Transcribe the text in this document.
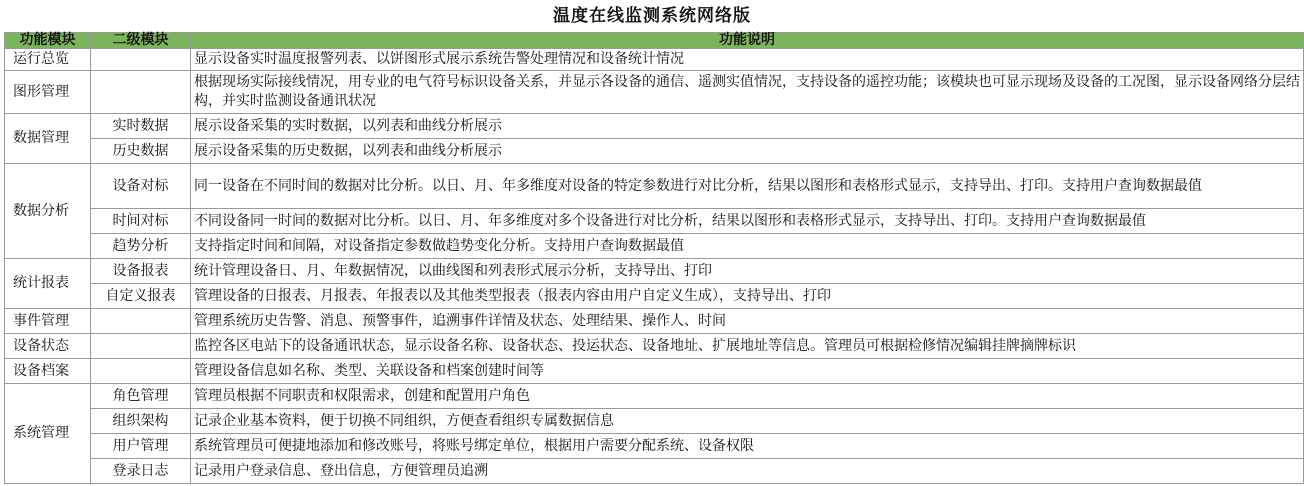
温度在线监测系统网络版
功能模块	二级模块	功能说明
运行总览		显示设备实时温度报警列表、以饼图形式展示系统告警处理情况和设备统计情况
图形管理		根据现场实际接线情况，用专业的电气符号标识设备关系，并显示各设备的通信、遥测实值情况，支持设备的遥控功能；该模块也可显示现场及设备的工况图，显示设备网络分层结构，并实时监测设备通讯状况
数据管理	实时数据	展示设备采集的实时数据，以列表和曲线分析展示
	历史数据	展示设备采集的历史数据，以列表和曲线分析展示
数据分析	设备对标	同一设备在不同时间的数据对比分析。以日、月、年多维度对设备的特定参数进行对比分析，结果以图形和表格形式显示，支持导出、打印。支持用户查询数据最值
	时间对标	不同设备同一时间的数据对比分析。以日、月、年多维度对多个设备进行对比分析，结果以图形和表格形式显示，支持导出、打印。支持用户查询数据最值
	趋势分析	支持指定时间和间隔，对设备指定参数做趋势变化分析。支持用户查询数据最值
统计报表	设备报表	统计管理设备日、月、年数据情况，以曲线图和列表形式展示分析，支持导出、打印
	自定义报表	管理设备的日报表、月报表、年报表以及其他类型报表（报表内容由用户自定义生成），支持导出、打印
事件管理		管理系统历史告警、消息、预警事件，追溯事件详情及状态、处理结果、操作人、时间
设备状态		监控各区电站下的设备通讯状态，显示设备名称、设备状态、投运状态、设备地址、扩展地址等信息。管理员可根据检修情况编辑挂牌摘牌标识
设备档案		管理设备信息如名称、类型、关联设备和档案创建时间等
系统管理	角色管理	管理员根据不同职责和权限需求，创建和配置用户角色
	组织架构	记录企业基本资料，便于切换不同组织，方便查看组织专属数据信息
	用户管理	系统管理员可便捷地添加和修改账号，将账号绑定单位，根据用户需要分配系统、设备权限
	登录日志	记录用户登录信息、登出信息，方便管理员追溯
